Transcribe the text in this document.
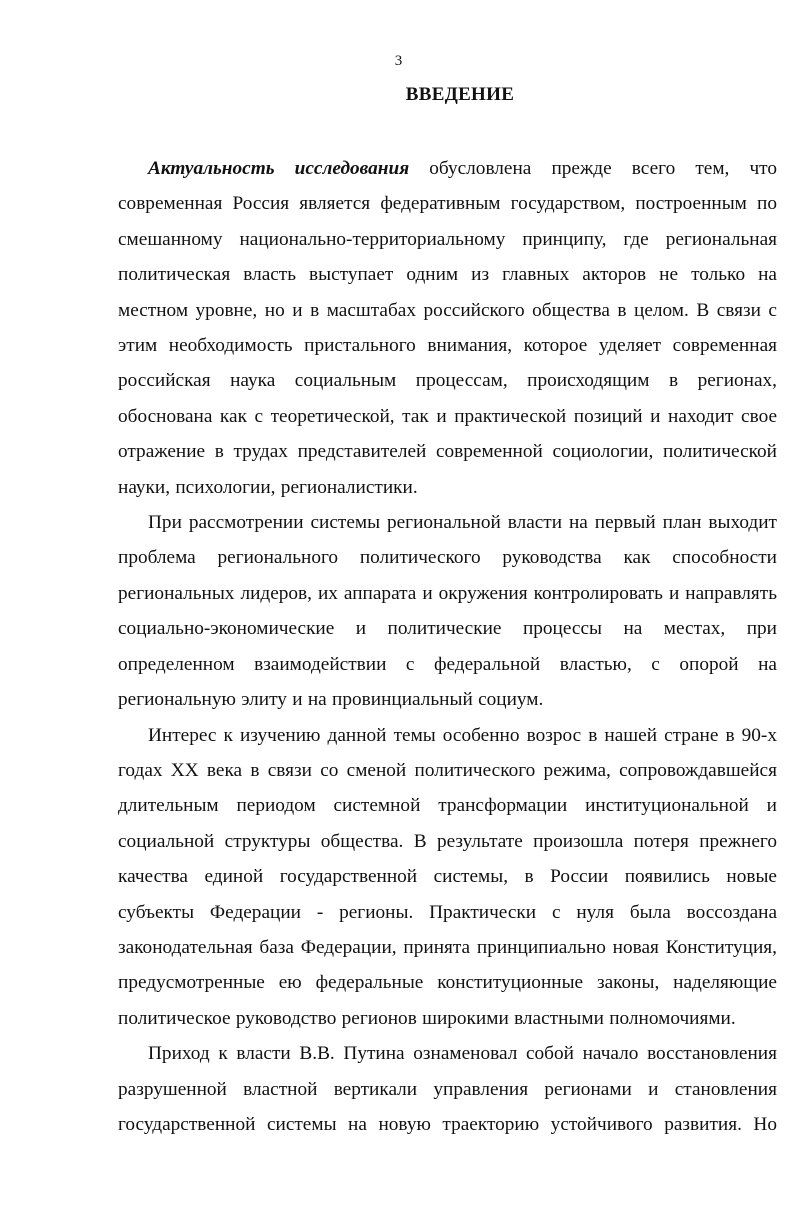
3
ВВЕДЕНИЕ

Актуальность исследования обусловлена прежде всего тем, что современная Россия является федеративным государством, построенным по смешанному национально-территориальному принципу, где региональная политическая власть выступает одним из главных акторов не только на местном уровне, но и в масштабах российского общества в целом. В связи с этим необходимость пристального внимания, которое уделяет современная российская наука социальным процессам, происходящим в регионах, обоснована как с теоретической, так и практической позиций и находит свое отражение в трудах представителей современной социологии, политической науки, психологии, регионалистики.

При рассмотрении системы региональной власти на первый план выходит проблема регионального политического руководства как способности региональных лидеров, их аппарата и окружения контролировать и направлять социально-экономические и политические процессы на местах, при определенном взаимодействии с федеральной властью, с опорой на региональную элиту и на провинциальный социум.

Интерес к изучению данной темы особенно возрос в нашей стране в 90-х годах XX века в связи со сменой политического режима, сопровождавшейся длительным периодом системной трансформации институциональной и социальной структуры общества. В результате произошла потеря прежнего качества единой государственной системы, в России появились новые субъекты Федерации - регионы. Практически с нуля была воссоздана законодательная база Федерации, принята принципиально новая Конституция, предусмотренные ею федеральные конституционные законы, наделяющие политическое руководство регионов широкими властными полномочиями.

Приход к власти В.В. Путина ознаменовал собой начало восстановления разрушенной властной вертикали управления регионами и становления государственной системы на новую траекторию устойчивого развития. Но
